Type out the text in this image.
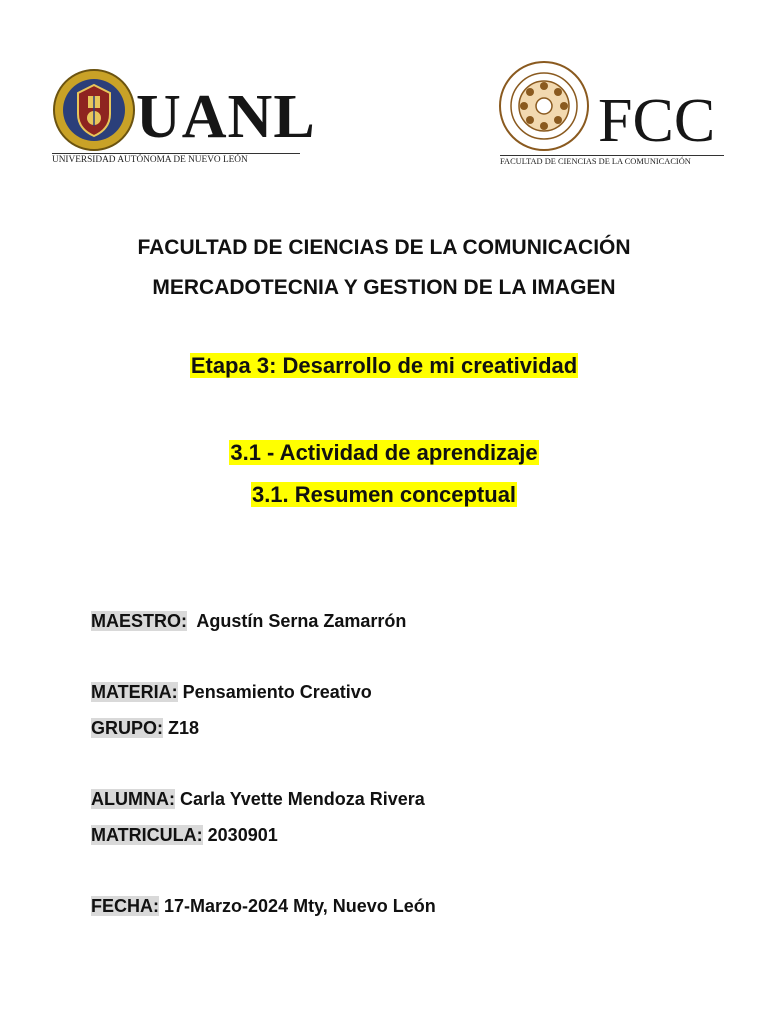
UANL
UNIVERSIDAD AUTÓNOMA DE NUEVO LEÓN
FCC
FACULTAD DE CIENCIAS DE LA COMUNICACIÓN
FACULTAD DE CIENCIAS DE LA COMUNICACIÓN
MERCADOTECNIA Y GESTION DE LA IMAGEN
Etapa 3: Desarrollo de mi creatividad
3.1 - Actividad de aprendizaje
3.1. Resumen conceptual
MAESTRO: Agustín Serna Zamarrón
MATERIA: Pensamiento Creativo
GRUPO: Z18
ALUMNA: Carla Yvette Mendoza Rivera
MATRICULA: 2030901
FECHA: 17-Marzo-2024 Mty, Nuevo León
